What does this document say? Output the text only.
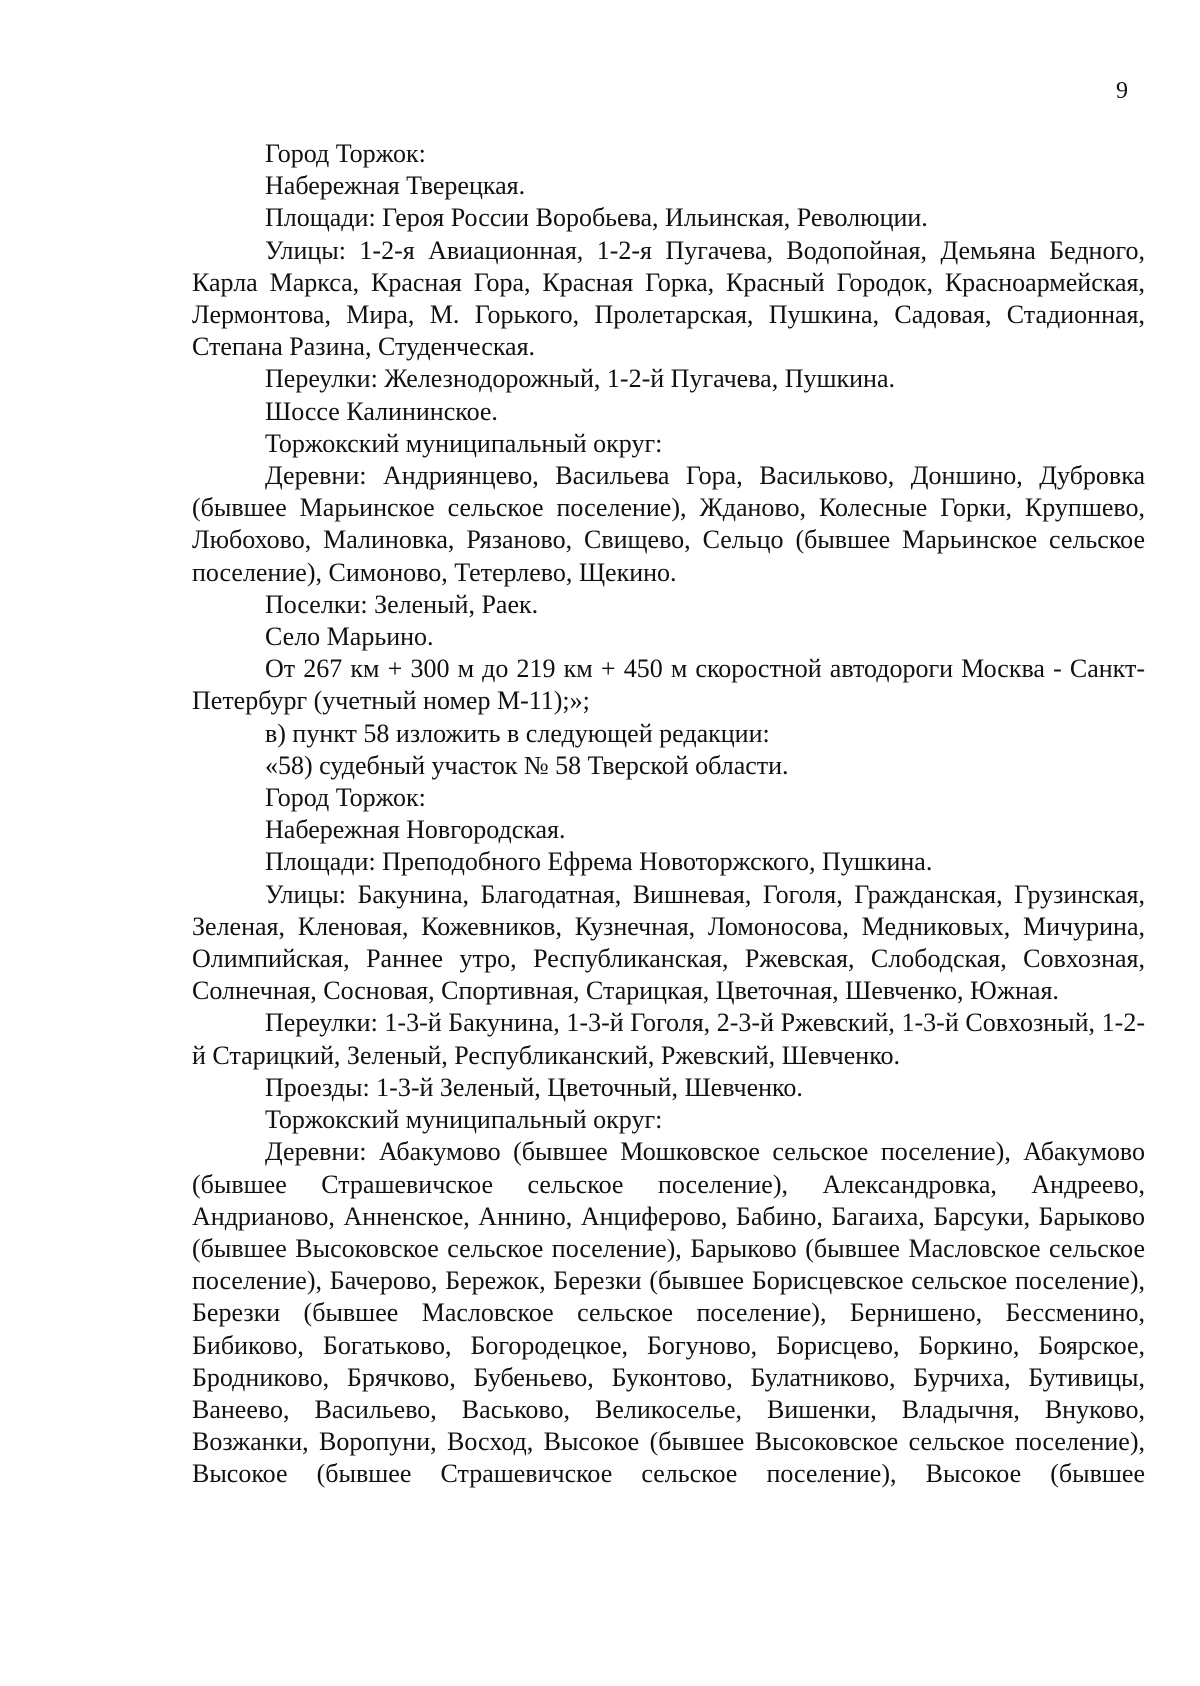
9

Город Торжок:

Набережная Тверецкая.

Площади: Героя России Воробьева, Ильинская, Революции.

Улицы: 1-2-я Авиационная, 1-2-я Пугачева, Водопойная, Демьяна Бедного, Карла Маркса, Красная Гора, Красная Горка, Красный Городок, Красноармейская, Лермонтова, Мира, М. Горького, Пролетарская, Пушкина, Садовая, Стадионная, Степана Разина, Студенческая.

Переулки: Железнодорожный, 1-2-й Пугачева, Пушкина.

Шоссе Калининское.

Торжокский муниципальный округ:

Деревни: Андриянцево, Васильева Гора, Васильково, Доншино, Дубровка (бывшее Марьинское сельское поселение), Жданово, Колесные Горки, Крупшево, Любохово, Малиновка, Рязаново, Свищево, Сельцо (бывшее Марьинское сельское поселение), Симоново, Тетерлево, Щекино.

Поселки: Зеленый, Раек.

Село Марьино.

От 267 км + 300 м до 219 км + 450 м скоростной автодороги Москва - Санкт-Петербург (учетный номер М-11);»;

в) пункт 58 изложить в следующей редакции:

«58) судебный участок № 58 Тверской области.

Город Торжок:

Набережная Новгородская.

Площади: Преподобного Ефрема Новоторжского, Пушкина.

Улицы: Бакунина, Благодатная, Вишневая, Гоголя, Гражданская, Грузинская, Зеленая, Кленовая, Кожевников, Кузнечная, Ломоносова, Медниковых, Мичурина, Олимпийская, Раннее утро, Республиканская, Ржевская, Слободская, Совхозная, Солнечная, Сосновая, Спортивная, Старицкая, Цветочная, Шевченко, Южная.

Переулки: 1-3-й Бакунина, 1-3-й Гоголя, 2-3-й Ржевский, 1-3-й Совхозный, 1-2-й Старицкий, Зеленый, Республиканский, Ржевский, Шевченко.

Проезды: 1-3-й Зеленый, Цветочный, Шевченко.

Торжокский муниципальный округ:

Деревни: Абакумово (бывшее Мошковское сельское поселение), Абакумово (бывшее Страшевичское сельское поселение), Александровка, Андреево, Андрианово, Анненское, Аннино, Анциферово, Бабино, Багаиха, Барсуки, Барыково (бывшее Высоковское сельское поселение), Барыково (бывшее Масловское сельское поселение), Бачерово, Бережок, Березки (бывшее Борисцевское сельское поселение), Березки (бывшее Масловское сельское поселение), Бернишено, Бессменино, Бибиково, Богатьково, Богородецкое, Богуново, Борисцево, Боркино, Боярское, Бродниково, Брячково, Бубеньево, Буконтово, Булатниково, Бурчиха, Бутивицы, Ванеево, Васильево, Васьково, Великоселье, Вишенки, Владычня, Внуково, Возжанки, Воропуни, Восход, Высокое (бывшее Высоковское сельское поселение), Высокое (бывшее Страшевичское сельское поселение), Высокое (бывшее
